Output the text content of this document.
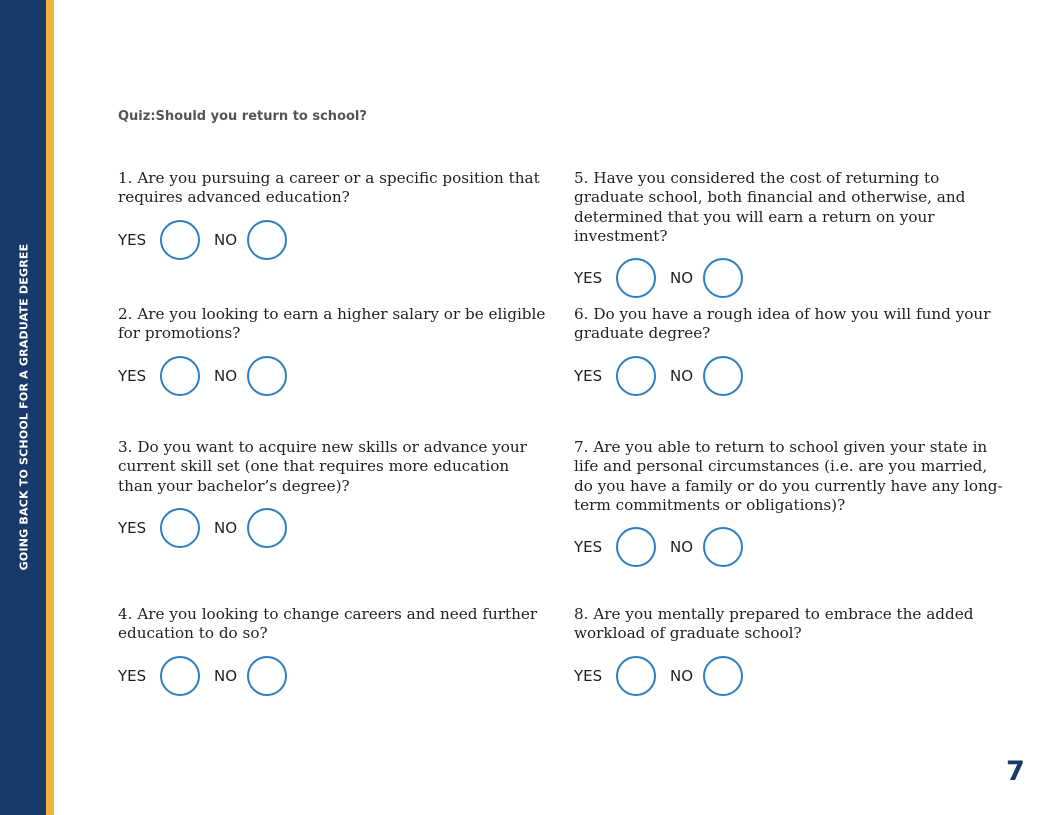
GOING BACK TO SCHOOL FOR A GRADUATE DEGREE
Quiz:Should you return to school?

1. Are you pursuing a career or a specific position that requires advanced education?

YES	NO

2. Are you looking to earn a higher salary or be eligible for promotions?

YES	NO

3. Do you want to acquire new skills or advance your current skill set (one that requires more education than your bachelor’s degree)?

YES	NO

4. Are you looking to change careers and need further education to do so?

YES	NO

5. Have you considered the cost of returning to graduate school, both financial and otherwise, and determined that you will earn a return on your investment?

YES	NO

6. Do you have a rough idea of how you will fund your graduate degree?

YES	NO

7. Are you able to return to school given your state in life and personal circumstances (i.e. are you married, do you have a family or do you currently have any long-term commitments or obligations)?

YES	NO

8. Are you mentally prepared to embrace the added workload of graduate school?

YES	NO
7
